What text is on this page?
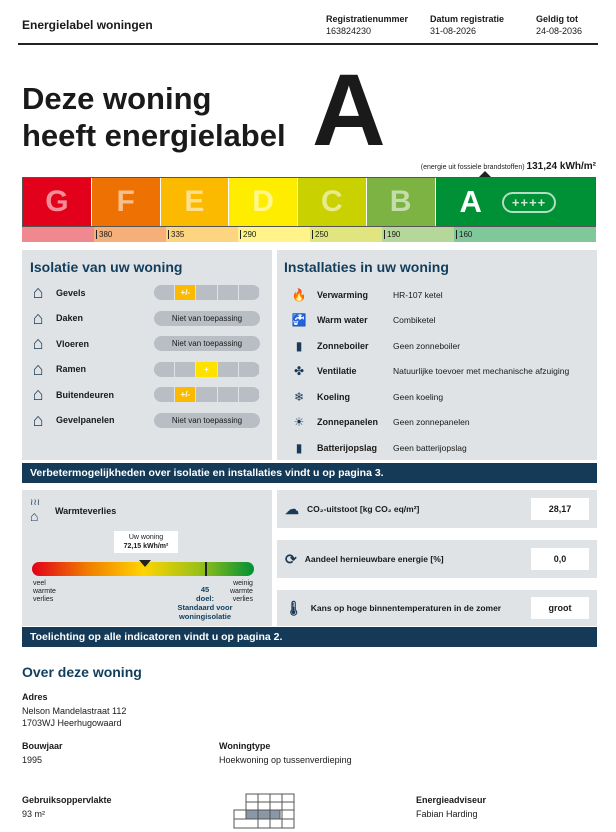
Energielabel woningen	Registratienummer
163824230
Datum registratie
31-08-2026
Geldig tot
24-08-2036
Deze woning
heeft energielabel A
(energie uit fossiele brandstoffen) 131,24 kWh/m²
G F E D C B A	++++
380	335	290	250	190	160
Isolatie van uw woning
⌂	Gevels	+/-
⌂	Daken	Niet van toepassing
⌂	Vloeren	Niet van toepassing
⌂	Ramen	+
⌂	Buitendeuren	+/-
⌂	Gevelpanelen	Niet van toepassing
Installaties in uw woning
🔥 Verwarming	HR-107 ketel
🚰 Warm water	Combiketel
▮	Zonneboiler	Geen zonneboiler
✤	Ventilatie	Natuurlijke toevoer met mechanische afzuiging
❄	Koeling	Geen koeling
☀	Zonnepanelen	Geen zonnepanelen
▮	Batterijopslag	Geen batterijopslag
Verbetermogelijkheden over isolatie en installaties vindt u op pagina 3.
≀≀≀
⌂ Warmteverlies
Uw woning
72,15 kWh/m²
veel
warmte
verlies
weinig
warmte
verlies
45
doel:
Standaard voor woningisolatie
☁ CO₂-uitstoot [kg CO₂ eq/m²]	28,17
⟳ Aandeel hernieuwbare energie [%]	0,0
🌡 Kans op hoge binnentemperaturen in de zomer	groot
Toelichting op alle indicatoren vindt u op pagina 2.
Over deze woning
Adres
Nelson Mandelastraat 112
1703WJ Heerhugowaard
Bouwjaar
1995
Woningtype
Hoekwoning op tussenverdieping
Gebruiksoppervlakte
93 m²
Energieadviseur
Fabian Harding
